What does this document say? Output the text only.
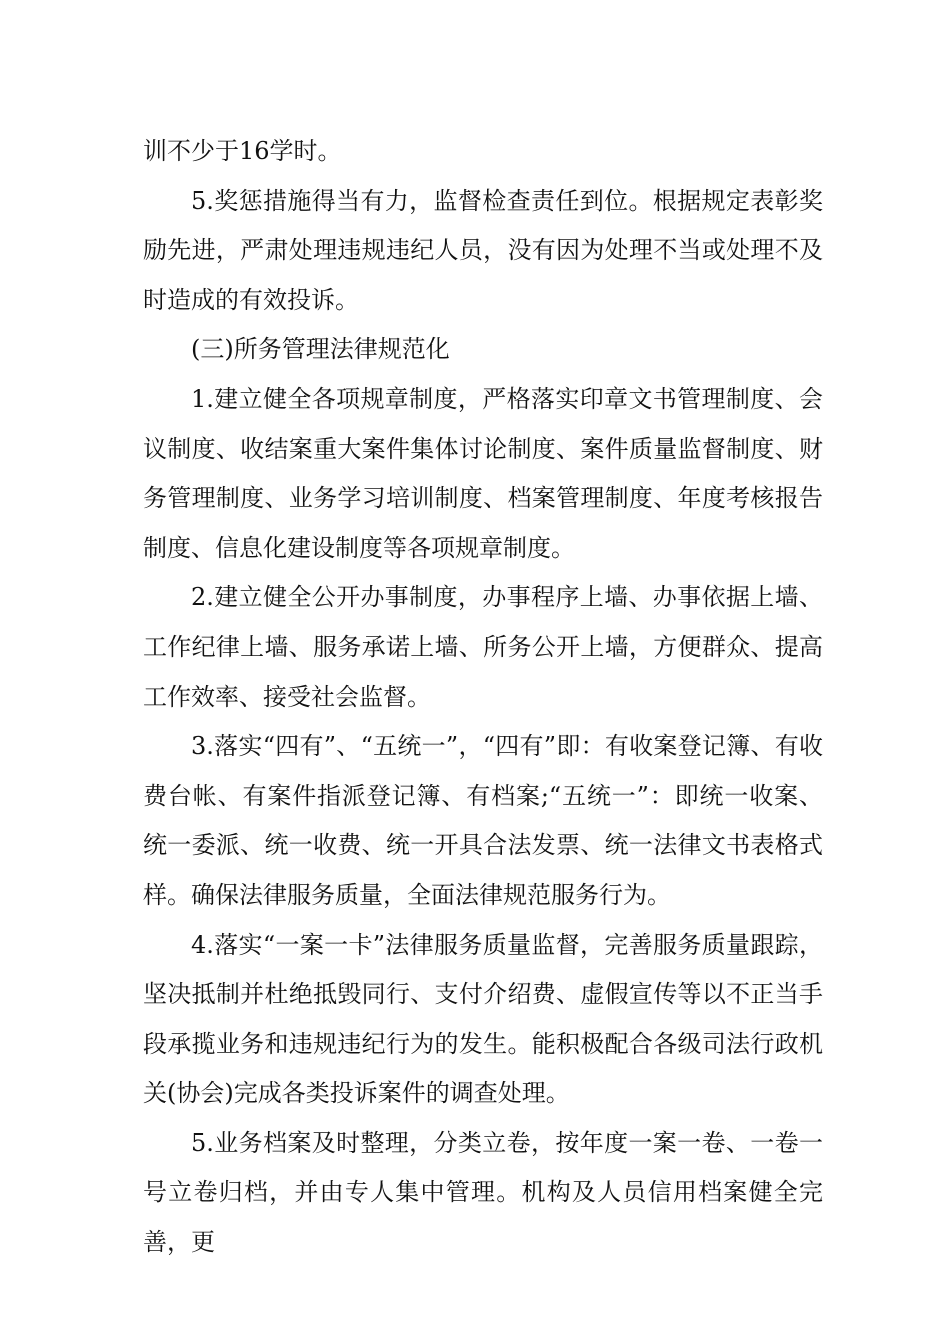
训不少于16学时。

5.奖惩措施得当有力，监督检查责任到位。根据规定表彰奖励先进，严肃处理违规违纪人员，没有因为处理不当或处理不及时造成的有效投诉。

(三)所务管理法律规范化

1.建立健全各项规章制度，严格落实印章文书管理制度、会议制度、收结案重大案件集体讨论制度、案件质量监督制度、财务管理制度、业务学习培训制度、档案管理制度、年度考核报告制度、信息化建设制度等各项规章制度。

2.建立健全公开办事制度，办事程序上墙、办事依据上墙、工作纪律上墙、服务承诺上墙、所务公开上墙，方便群众、提高工作效率、接受社会监督。

3.落实“四有”、“五统一”，“四有”即：有收案登记簿、有收费台帐、有案件指派登记簿、有档案;“五统一”：即统一收案、统一委派、统一收费、统一开具合法发票、统一法律文书表格式样。确保法律服务质量，全面法律规范服务行为。

4.落实“一案一卡”法律服务质量监督，完善服务质量跟踪，坚决抵制并杜绝抵毁同行、支付介绍费、虚假宣传等以不正当手段承揽业务和违规违纪行为的发生。能积极配合各级司法行政机关(协会)完成各类投诉案件的调查处理。

5.业务档案及时整理，分类立卷，按年度一案一卷、一卷一号立卷归档，并由专人集中管理。机构及人员信用档案健全完善，更
